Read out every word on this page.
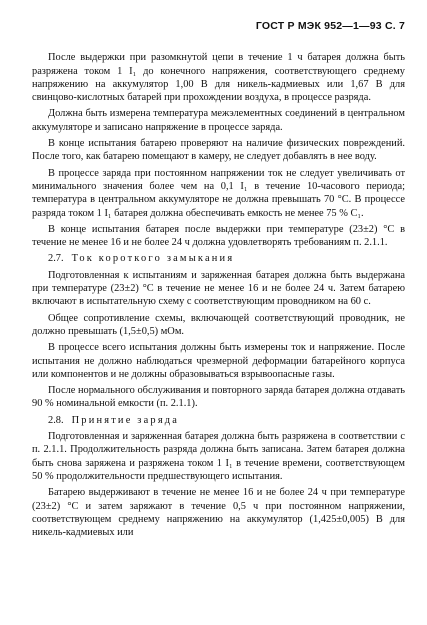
ГОСТ Р МЭК 952—1—93 С. 7

После выдержки при разомкнутой цепи в течение 1 ч батарея должна быть разряжена током 1 I₁ до конечного напряжения, соответствующего среднему напряжению на аккумулятор 1,00 В для никель-кадмиевых или 1,67 В для свинцово-кислотных батарей при прохождении воздуха, в процессе разряда.

Должна быть измерена температура межэлементных соединений в центральном аккумуляторе и записано напряжение в процессе заряда.

В конце испытания батарею проверяют на наличие физических повреждений. После того, как батарею помещают в камеру, не следует добавлять в нее воду.

В процессе заряда при постоянном напряжении ток не следует увеличивать от минимального значения более чем на 0,1 I₁ в течение 10-часового периода; температура в центральном аккумуляторе не должна превышать 70 °С. В процессе разряда током 1 I₁ батарея должна обеспечивать емкость не менее 75 % C₁.

В конце испытания батарея после выдержки при температуре (23±2) °С в течение не менее 16 и не более 24 ч должна удовлетворять требованиям п. 2.1.1.

2.7. Ток короткого замыкания

Подготовленная к испытаниям и заряженная батарея должна быть выдержана при температуре (23±2) °С в течение не менее 16 и не более 24 ч. Затем батарею включают в испытательную схему с соответствующим проводником на 60 с.

Общее сопротивление схемы, включающей соответствующий проводник, не должно превышать (1,5±0,5) мОм.

В процессе всего испытания должны быть измерены ток и напряжение. После испытания не должно наблюдаться чрезмерной деформации батарейного корпуса или компонентов и не должны образовываться взрывоопасные газы.

После нормального обслуживания и повторного заряда батарея должна отдавать 90 % номинальной емкости (п. 2.1.1).

2.8. Принятие заряда

Подготовленная и заряженная батарея должна быть разряжена в соответствии с п. 2.1.1. Продолжительность разряда должна быть записана. Затем батарея должна быть снова заряжена и разряжена током 1 I₁ в течение времени, соответствующем 50 % продолжительности предшествующего испытания.

Батарею выдерживают в течение не менее 16 и не более 24 ч при температуре (23±2) °С и затем заряжают в течение 0,5 ч при постоянном напряжении, соответствующем среднему напряжению на аккумулятор (1,425±0,005) В для никель-кадмиевых или
